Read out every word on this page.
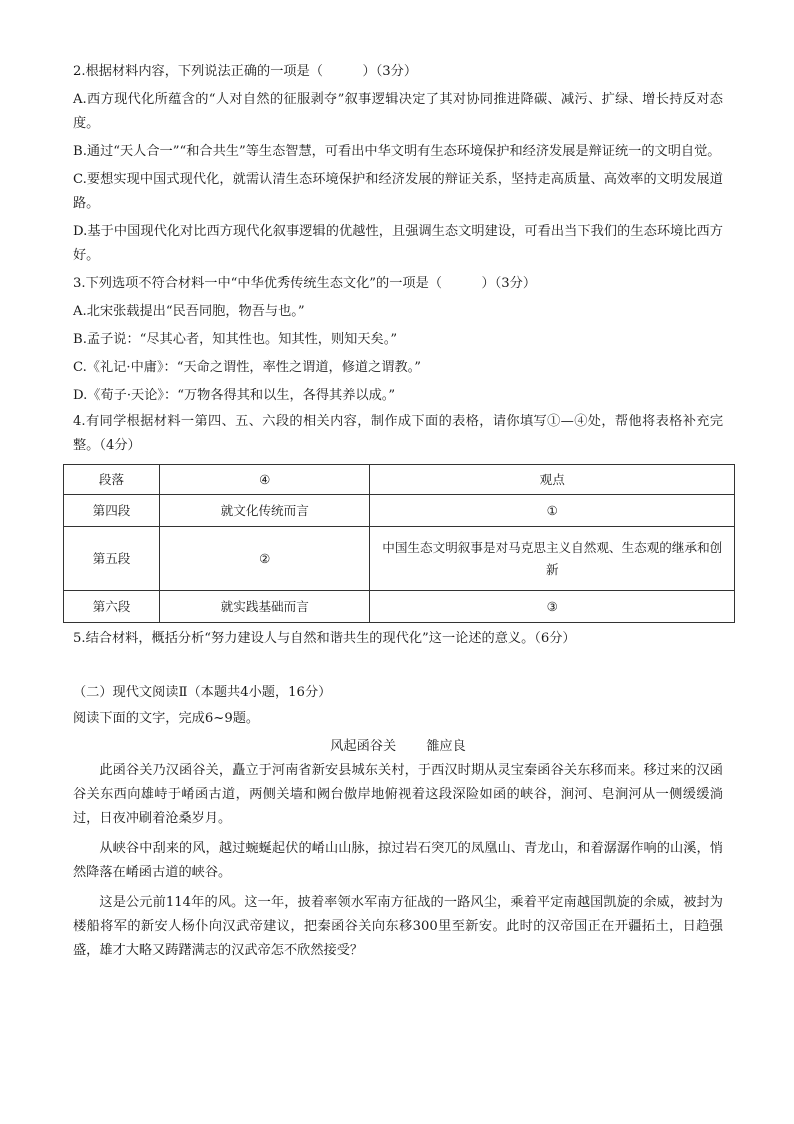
2.根据材料内容，下列说法正确的一项是（　　　）（3分）

A.西方现代化所蕴含的“人对自然的征服剥夺”叙事逻辑决定了其对协同推进降碳、减污、扩绿、增长持反对态度。

B.通过“天人合一”“和合共生”等生态智慧，可看出中华文明有生态环境保护和经济发展是辩证统一的文明自觉。

C.要想实现中国式现代化，就需认清生态环境保护和经济发展的辩证关系，坚持走高质量、高效率的文明发展道路。

D.基于中国现代化对比西方现代化叙事逻辑的优越性，且强调生态文明建设，可看出当下我们的生态环境比西方好。

3.下列选项不符合材料一中“中华优秀传统生态文化”的一项是（　　　）（3分）

A.北宋张载提出“民吾同胞，物吾与也。”

B.孟子说：“尽其心者，知其性也。知其性，则知天矣。”

C.《礼记·中庸》：“天命之谓性，率性之谓道，修道之谓教。”

D.《荀子·天论》：“万物各得其和以生，各得其养以成。”

4.有同学根据材料一第四、五、六段的相关内容，制作成下面的表格，请你填写①—④处，帮他将表格补充完整。（4分）

段落	④	观点
第四段	就文化传统而言	①
第五段	②	中国生态文明叙事是对马克思主义自然观、生态观的继承和创新
第六段	就实践基础而言	③

5.结合材料，概括分析“努力建设人与自然和谐共生的现代化”这一论述的意义。（6分）

（二）现代文阅读Ⅱ（本题共4小题，16分）

阅读下面的文字，完成6~9题。

风起函谷关 雒应良

此函谷关乃汉函谷关，矗立于河南省新安县城东关村，于西汉时期从灵宝秦函谷关东移而来。移过来的汉函谷关东西向雄峙于崤函古道，两侧关墙和阙台傲岸地俯视着这段深险如函的峡谷，涧河、皂涧河从一侧缓缓淌过，日夜冲刷着沧桑岁月。

从峡谷中刮来的风，越过蜿蜒起伏的崤山山脉，掠过岩石突兀的凤凰山、青龙山，和着潺潺作响的山溪，悄然降落在崤函古道的峡谷。

这是公元前114年的风。这一年，披着率领水军南方征战的一路风尘，乘着平定南越国凯旋的余威，被封为楼船将军的新安人杨仆向汉武帝建议，把秦函谷关向东移300里至新安。此时的汉帝国正在开疆拓土，日趋强盛，雄才大略又踌躇满志的汉武帝怎不欣然接受？
